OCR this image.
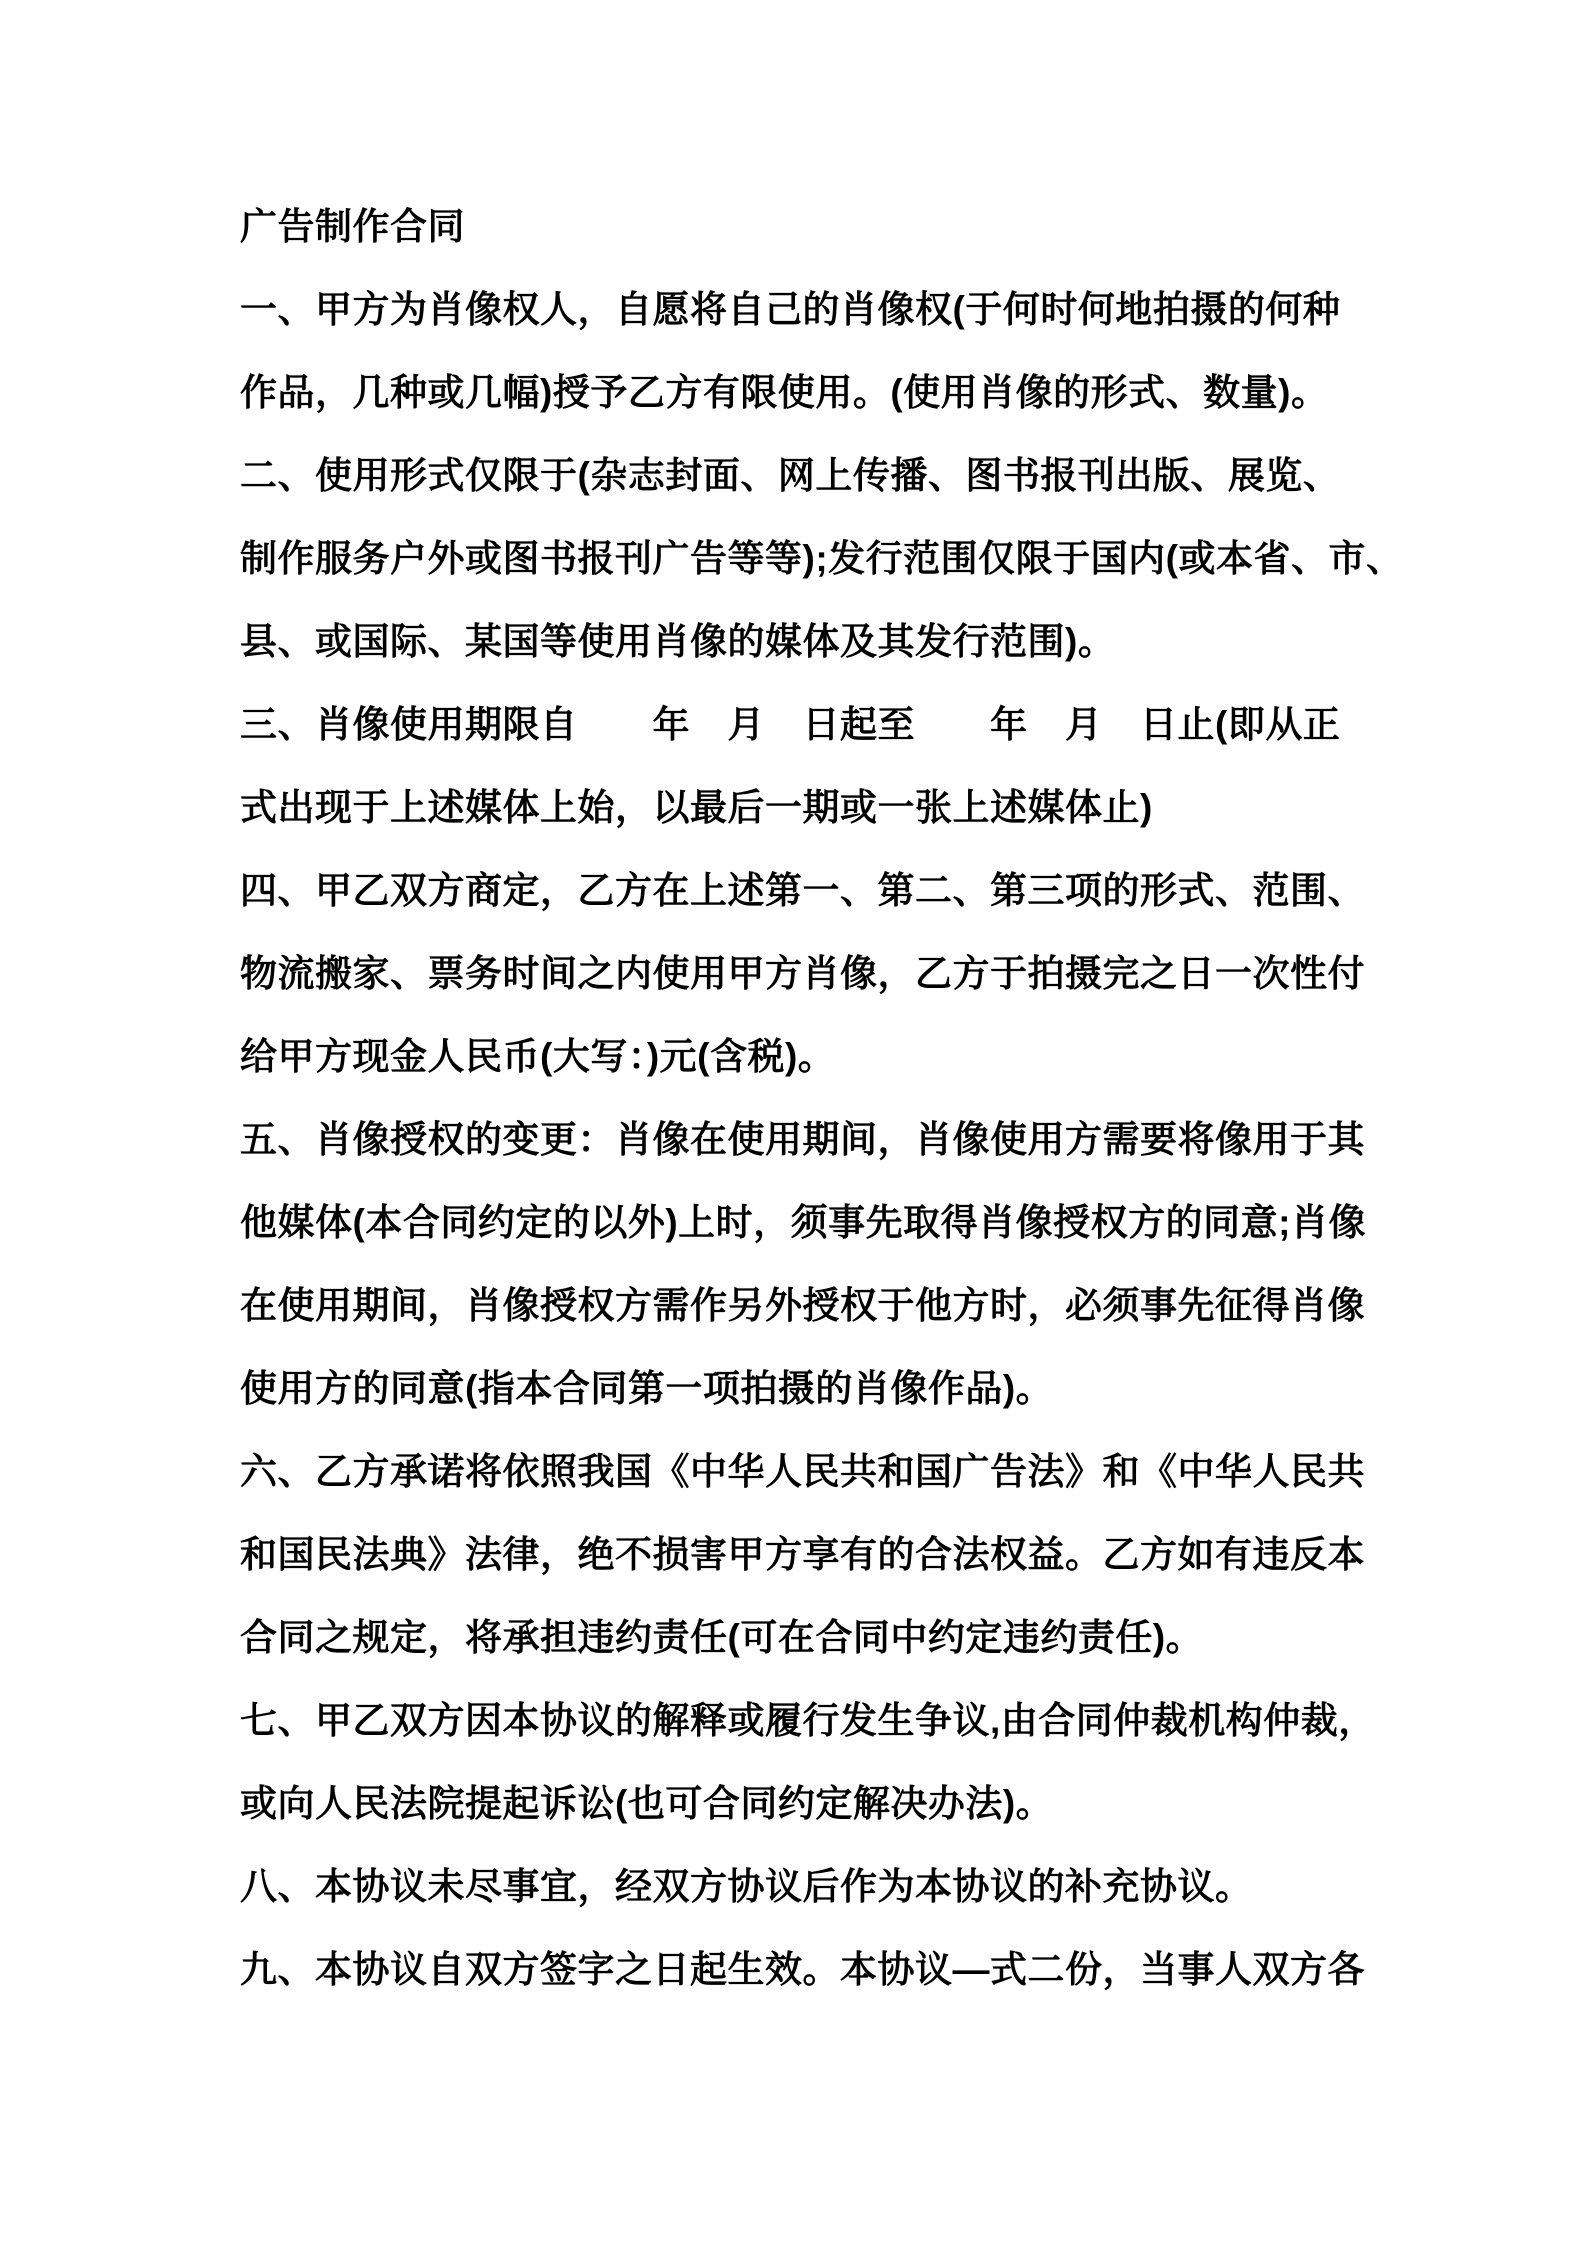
广告制作合同
一、甲方为肖像权人，自愿将自己的肖像权(于何时何地拍摄的何种
作品，几种或几幅)授予乙方有限使用。(使用肖像的形式、数量)。
二、使用形式仅限于(杂志封面、网上传播、图书报刊出版、展览、
制作服务户外或图书报刊广告等等);发行范围仅限于国内(或本省、市、
县、或国际、某国等使用肖像的媒体及其发行范围)。
三、肖像使用期限自　　年　月　日起至　　年　月　日止(即从正
式出现于上述媒体上始，以最后一期或一张上述媒体止)
四、甲乙双方商定，乙方在上述第一、第二、第三项的形式、范围、
物流搬家、票务时间之内使用甲方肖像，乙方于拍摄完之日一次性付
给甲方现金人民币(大写：)元(含税)。
五、肖像授权的变更：肖像在使用期间，肖像使用方需要将像用于其
他媒体(本合同约定的以外)上时，须事先取得肖像授权方的同意;肖像
在使用期间，肖像授权方需作另外授权于他方时，必须事先征得肖像
使用方的同意(指本合同第一项拍摄的肖像作品)。
六、乙方承诺将依照我国《中华人民共和国广告法》和《中华人民共
和国民法典》法律，绝不损害甲方享有的合法权益。乙方如有违反本
合同之规定，将承担违约责任(可在合同中约定违约责任)。
七、甲乙双方因本协议的解释或履行发生争议,由合同仲裁机构仲裁，
或向人民法院提起诉讼(也可合同约定解决办法)。
八、本协议未尽事宜，经双方协议后作为本协议的补充协议。
九、本协议自双方签字之日起生效。本协议—式二份，当事人双方各
